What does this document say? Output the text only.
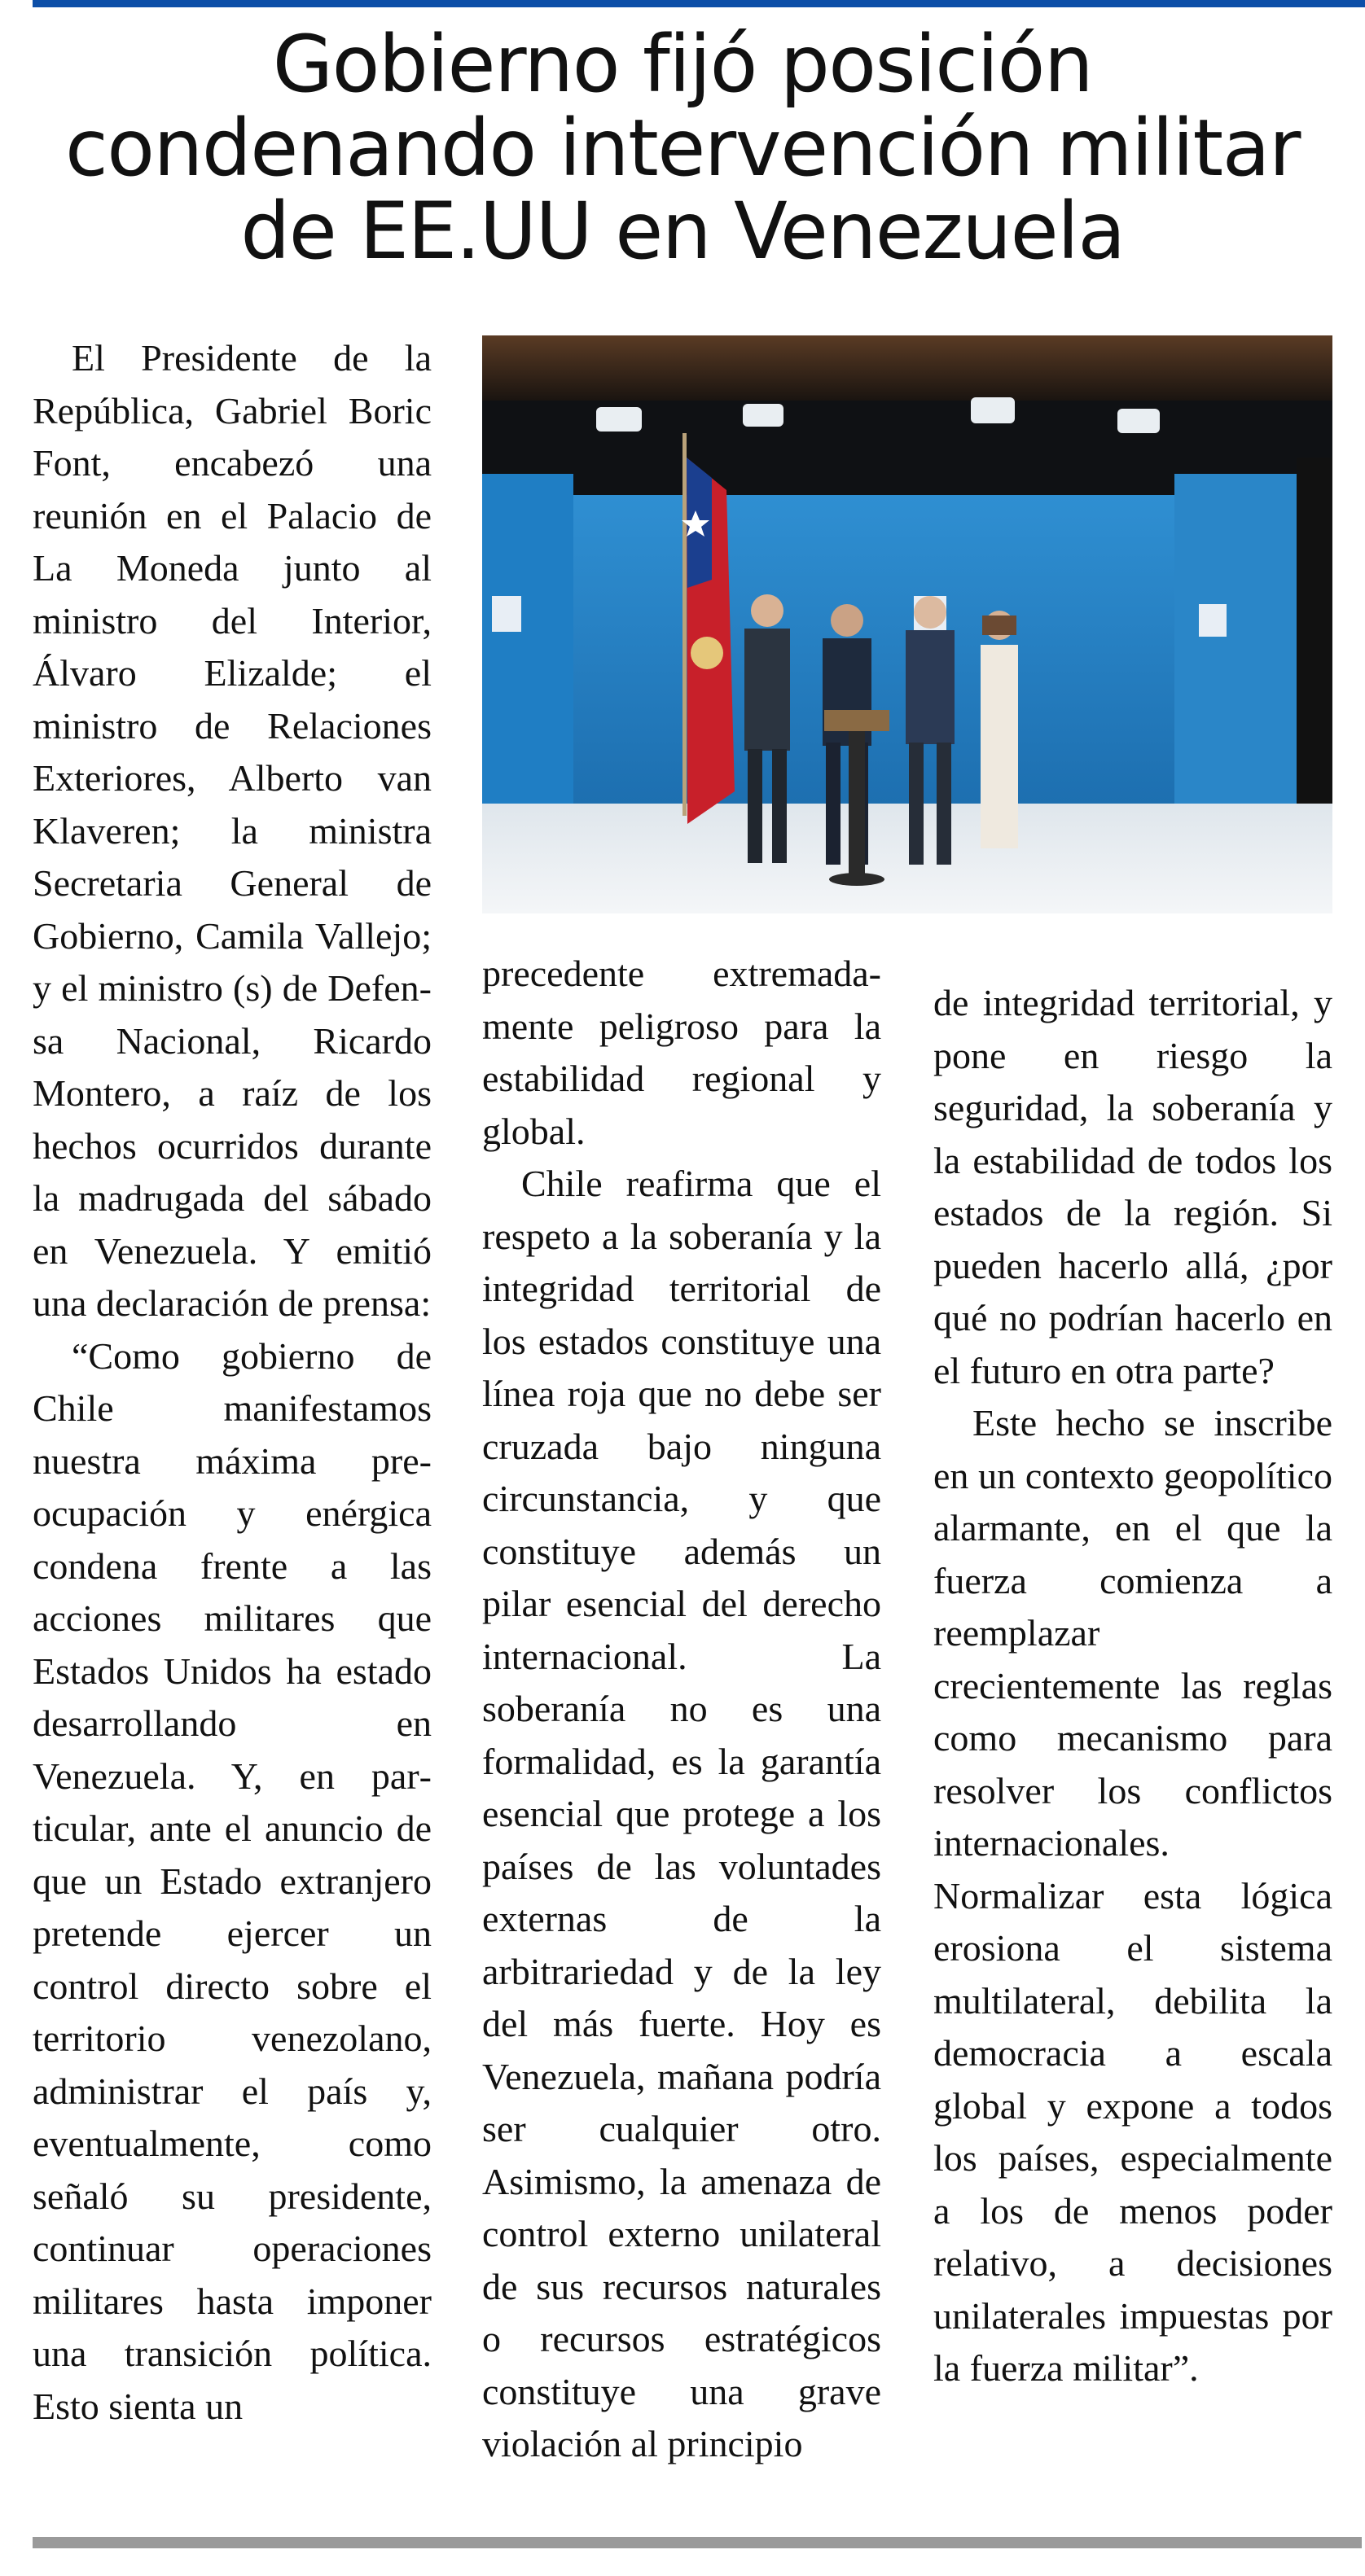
Gobierno fijó posición condenando intervención militar de EE.UU en Venezuela

El Presidente de la República, Gabriel Boric Font, encabezó una reunión en el Palacio de La Moneda junto al ministro del Interior, Álvaro Elizalde; el ministro de Relaciones Exteriores, Alberto van Klaveren; la ministra Secretaria General de Gobierno, Camila Vallejo; y el ministro (s) de Defensa Nacional, Ricardo Montero, a raíz de los hechos ocurridos durante la madrugada del sábado en Venezuela. Y emitió una declaración de prensa:

“Como gobierno de Chile manifestamos nuestra máxima preocupación y enérgica condena frente a las acciones militares que Estados Unidos ha estado desarrollando en Venezuela. Y, en particular, ante el anuncio de que un Estado extranjero pretende ejercer un control directo sobre el territorio venezolano, administrar el país y, eventualmente, como señaló su presidente, continuar operaciones militares hasta imponer una transición política. Esto sienta un

precedente extremadamente peligroso para la estabilidad regional y global.

Chile reafirma que el respeto a la soberanía y la integridad territorial de los estados constituye una línea roja que no debe ser cruzada bajo ninguna circunstancia, y que constituye además un pilar esencial del derecho internacional. La soberanía no es una formalidad, es la garantía esencial que protege a los países de las voluntades externas de la arbitrariedad y de la ley del más fuerte. Hoy es Venezuela, mañana podría ser cualquier otro. Asimismo, la amenaza de control externo unilateral de sus recursos naturales o recursos estratégicos constituye una grave violación al principio

de integridad territorial, y pone en riesgo la seguridad, la soberanía y la estabilidad de todos los estados de la región. Si pueden hacerlo allá, ¿por qué no podrían hacerlo en el futuro en otra parte?

Este hecho se inscribe en un contexto geopolítico alarmante, en el que la fuerza comienza a reemplazar crecientemente las reglas como mecanismo para resolver los conflictos internacionales. Normalizar esta lógica erosiona el sistema multilateral, debilita la democracia a escala global y expone a todos los países, especialmente a los de menos poder relativo, a decisiones unilaterales impuestas por la fuerza militar”.
